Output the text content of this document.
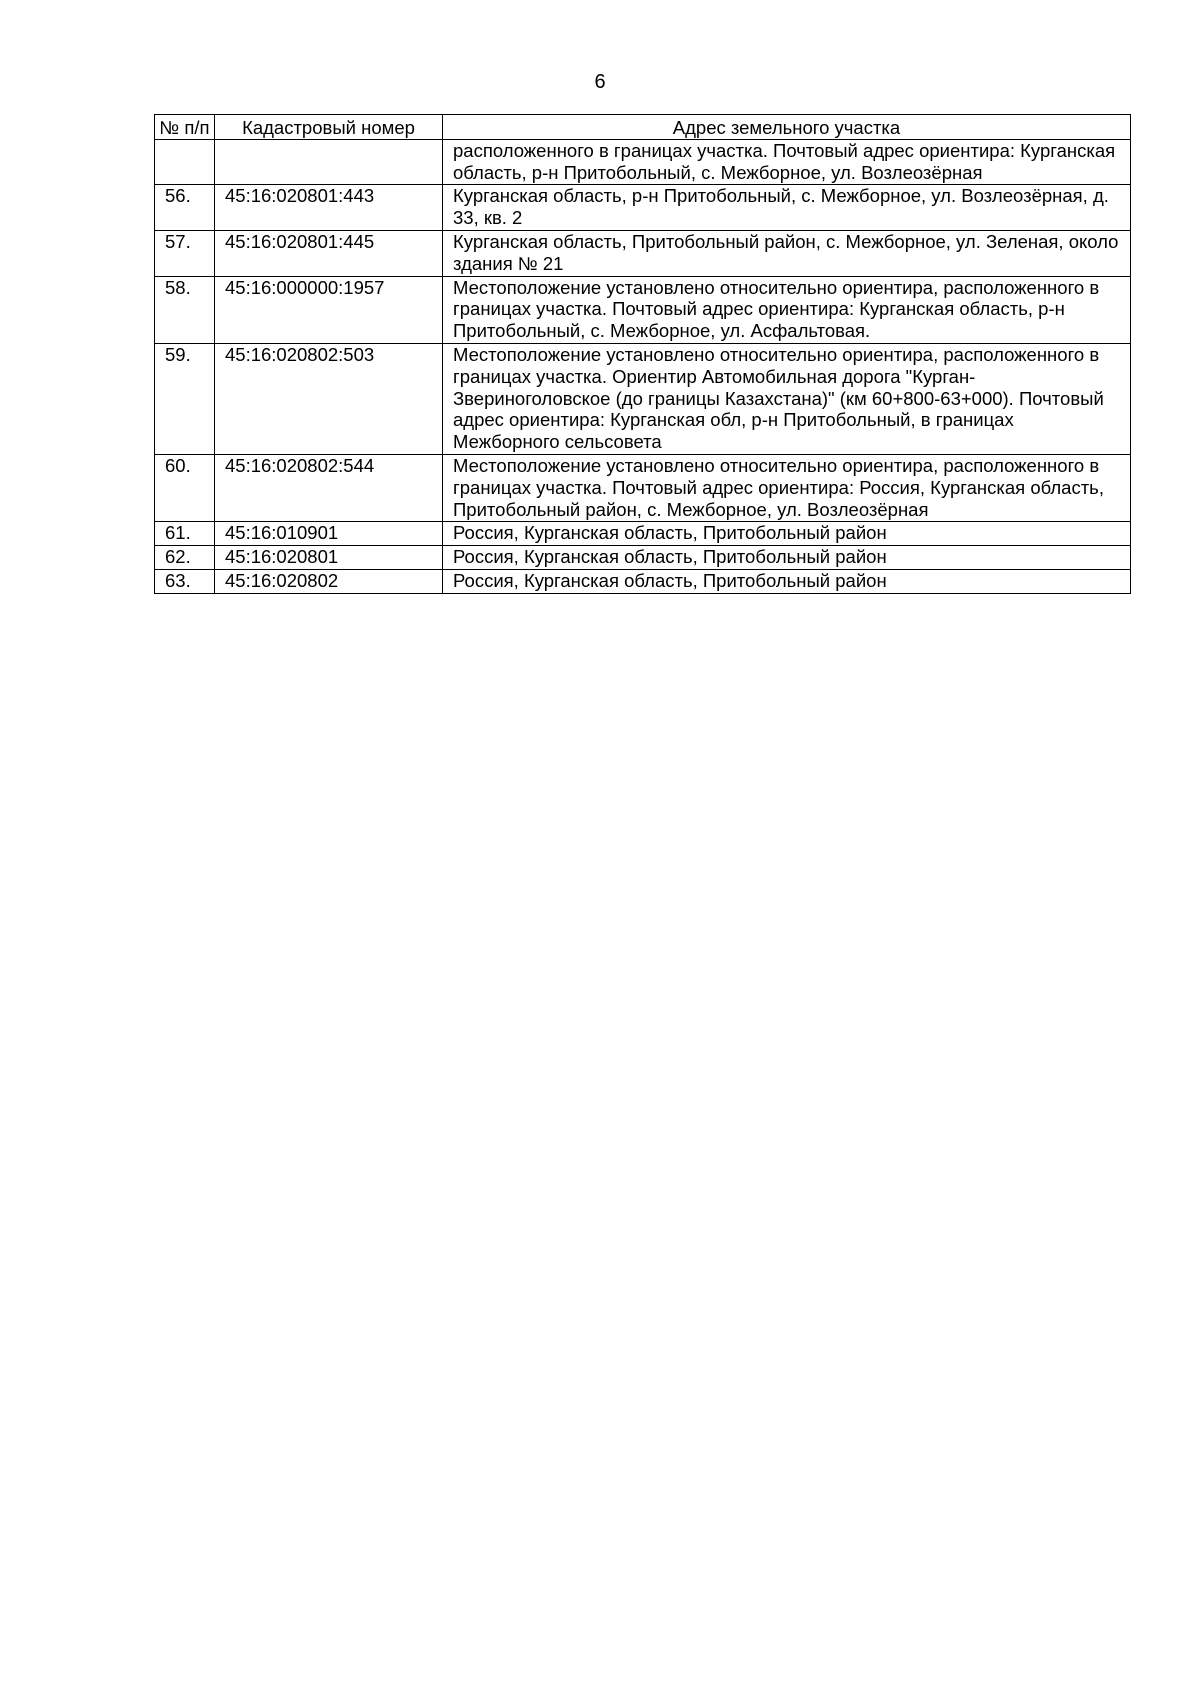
6
№ п/п	Кадастровый номер	Адрес земельного участка
		расположенного в границах участка. Почтовый адрес ориентира: Курганская область, р-н Притобольный, с. Межборное, ул. Возлеозёрная
56.	45:16:020801:443	Курганская область, р-н Притобольный, с. Межборное, ул. Возлеозёрная, д. 33, кв. 2
57.	45:16:020801:445	Курганская область, Притобольный район, с. Межборное, ул. Зеленая, около здания № 21
58.	45:16:000000:1957	Местоположение установлено относительно ориентира, расположенного в границах участка. Почтовый адрес ориентира: Курганская область, р-н Притобольный, с. Межборное, ул. Асфальтовая.
59.	45:16:020802:503	Местоположение установлено относительно ориентира, расположенного в границах участка. Ориентир Автомобильная дорога "Курган-Звериноголовское (до границы Казахстана)" (км 60+800-63+000). Почтовый адрес ориентира: Курганская обл, р-н Притобольный, в границах Межборного сельсовета
60.	45:16:020802:544	Местоположение установлено относительно ориентира, расположенного в границах участка. Почтовый адрес ориентира: Россия, Курганская область, Притобольный район, с. Межборное, ул. Возлеозёрная
61.	45:16:010901	Россия, Курганская область, Притобольный район
62.	45:16:020801	Россия, Курганская область, Притобольный район
63.	45:16:020802	Россия, Курганская область, Притобольный район
